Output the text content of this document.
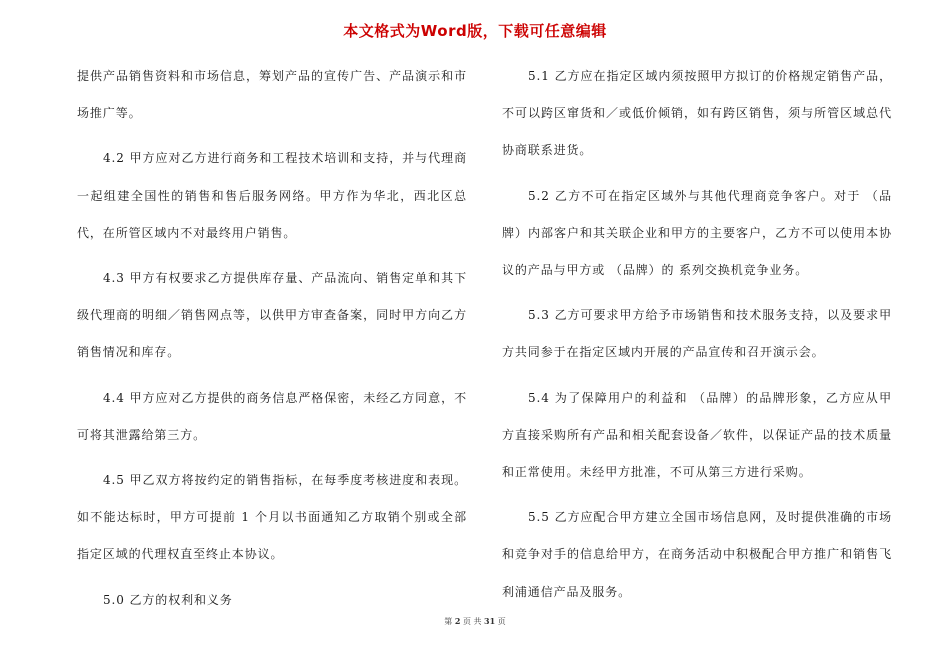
本文格式为Word版，下载可任意编辑

提供产品销售资料和市场信息，筹划产品的宣传广告、产品演示和市场推广等。

4.2 甲方应对乙方进行商务和工程技术培训和支持，并与代理商一起组建全国性的销售和售后服务网络。甲方作为华北，西北区总代，在所管区域内不对最终用户销售。

4.3 甲方有权要求乙方提供库存量、产品流向、销售定单和其下级代理商的明细／销售网点等，以供甲方审查备案，同时甲方向乙方销售情况和库存。

4.4 甲方应对乙方提供的商务信息严格保密，未经乙方同意，不可将其泄露给第三方。

4.5 甲乙双方将按约定的销售指标，在每季度考核进度和表现。如不能达标时，甲方可提前 1 个月以书面通知乙方取销个别或全部指定区域的代理权直至终止本协议。

5.0 乙方的权利和义务

5.1 乙方应在指定区域内须按照甲方拟订的价格规定销售产品，不可以跨区窜货和／或低价倾销，如有跨区销售，须与所管区域总代协商联系进货。

5.2 乙方不可在指定区域外与其他代理商竞争客户。对于 （品牌）内部客户和其关联企业和甲方的主要客户，乙方不可以使用本协议的产品与甲方或 （品牌）的 系列交换机竞争业务。

5.3 乙方可要求甲方给予市场销售和技术服务支持，以及要求甲方共同参于在指定区域内开展的产品宣传和召开演示会。

5.4 为了保障用户的利益和 （品牌）的品牌形象，乙方应从甲方直接采购所有产品和相关配套设备／软件，以保证产品的技术质量和正常使用。未经甲方批准，不可从第三方进行采购。

5.5 乙方应配合甲方建立全国市场信息网，及时提供准确的市场和竞争对手的信息给甲方，在商务活动中积极配合甲方推广和销售飞利浦通信产品及服务。

第 2 页 共 31 页
